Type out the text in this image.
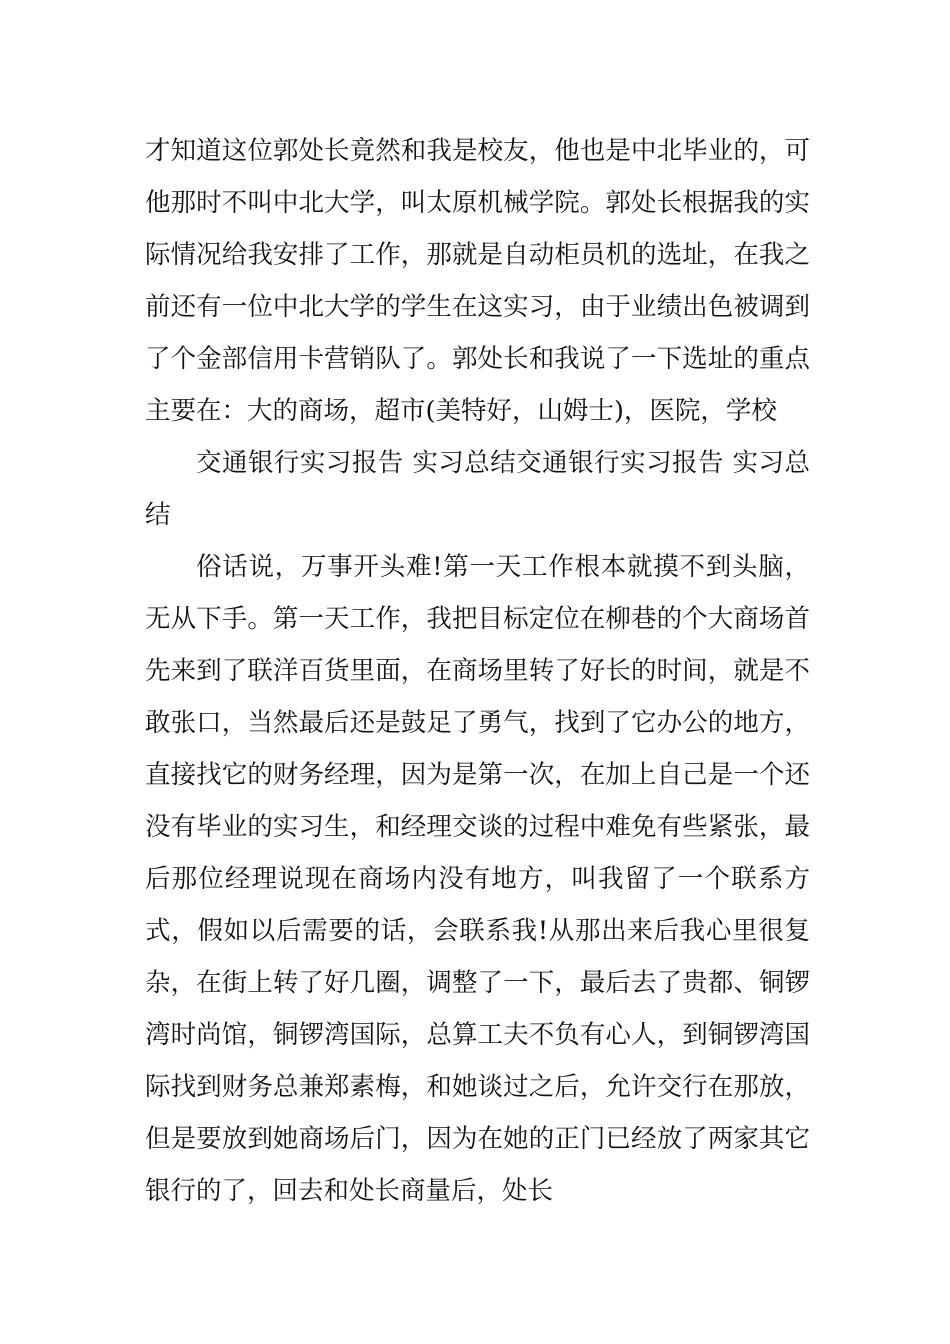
才知道这位郭处长竟然和我是校友，他也是中北毕业的，可他那时不叫中北大学，叫太原机械学院。郭处长根据我的实际情况给我安排了工作，那就是自动柜员机的选址，在我之前还有一位中北大学的学生在这实习，由于业绩出色被调到了个金部信用卡营销队了。郭处长和我说了一下选址的重点主要在：大的商场，超市(美特好，山姆士)，医院，学校

交通银行实习报告 实习总结交通银行实习报告 实习总结

俗话说，万事开头难!第一天工作根本就摸不到头脑，无从下手。第一天工作，我把目标定位在柳巷的个大商场首先来到了联洋百货里面，在商场里转了好长的时间，就是不敢张口，当然最后还是鼓足了勇气，找到了它办公的地方，直接找它的财务经理，因为是第一次，在加上自己是一个还没有毕业的实习生，和经理交谈的过程中难免有些紧张，最后那位经理说现在商场内没有地方，叫我留了一个联系方式，假如以后需要的话，会联系我!从那出来后我心里很复杂，在街上转了好几圈，调整了一下，最后去了贵都、铜锣湾时尚馆，铜锣湾国际，总算工夫不负有心人，到铜锣湾国际找到财务总兼郑素梅，和她谈过之后，允许交行在那放，但是要放到她商场后门，因为在她的正门已经放了两家其它银行的了，回去和处长商量后，处长
